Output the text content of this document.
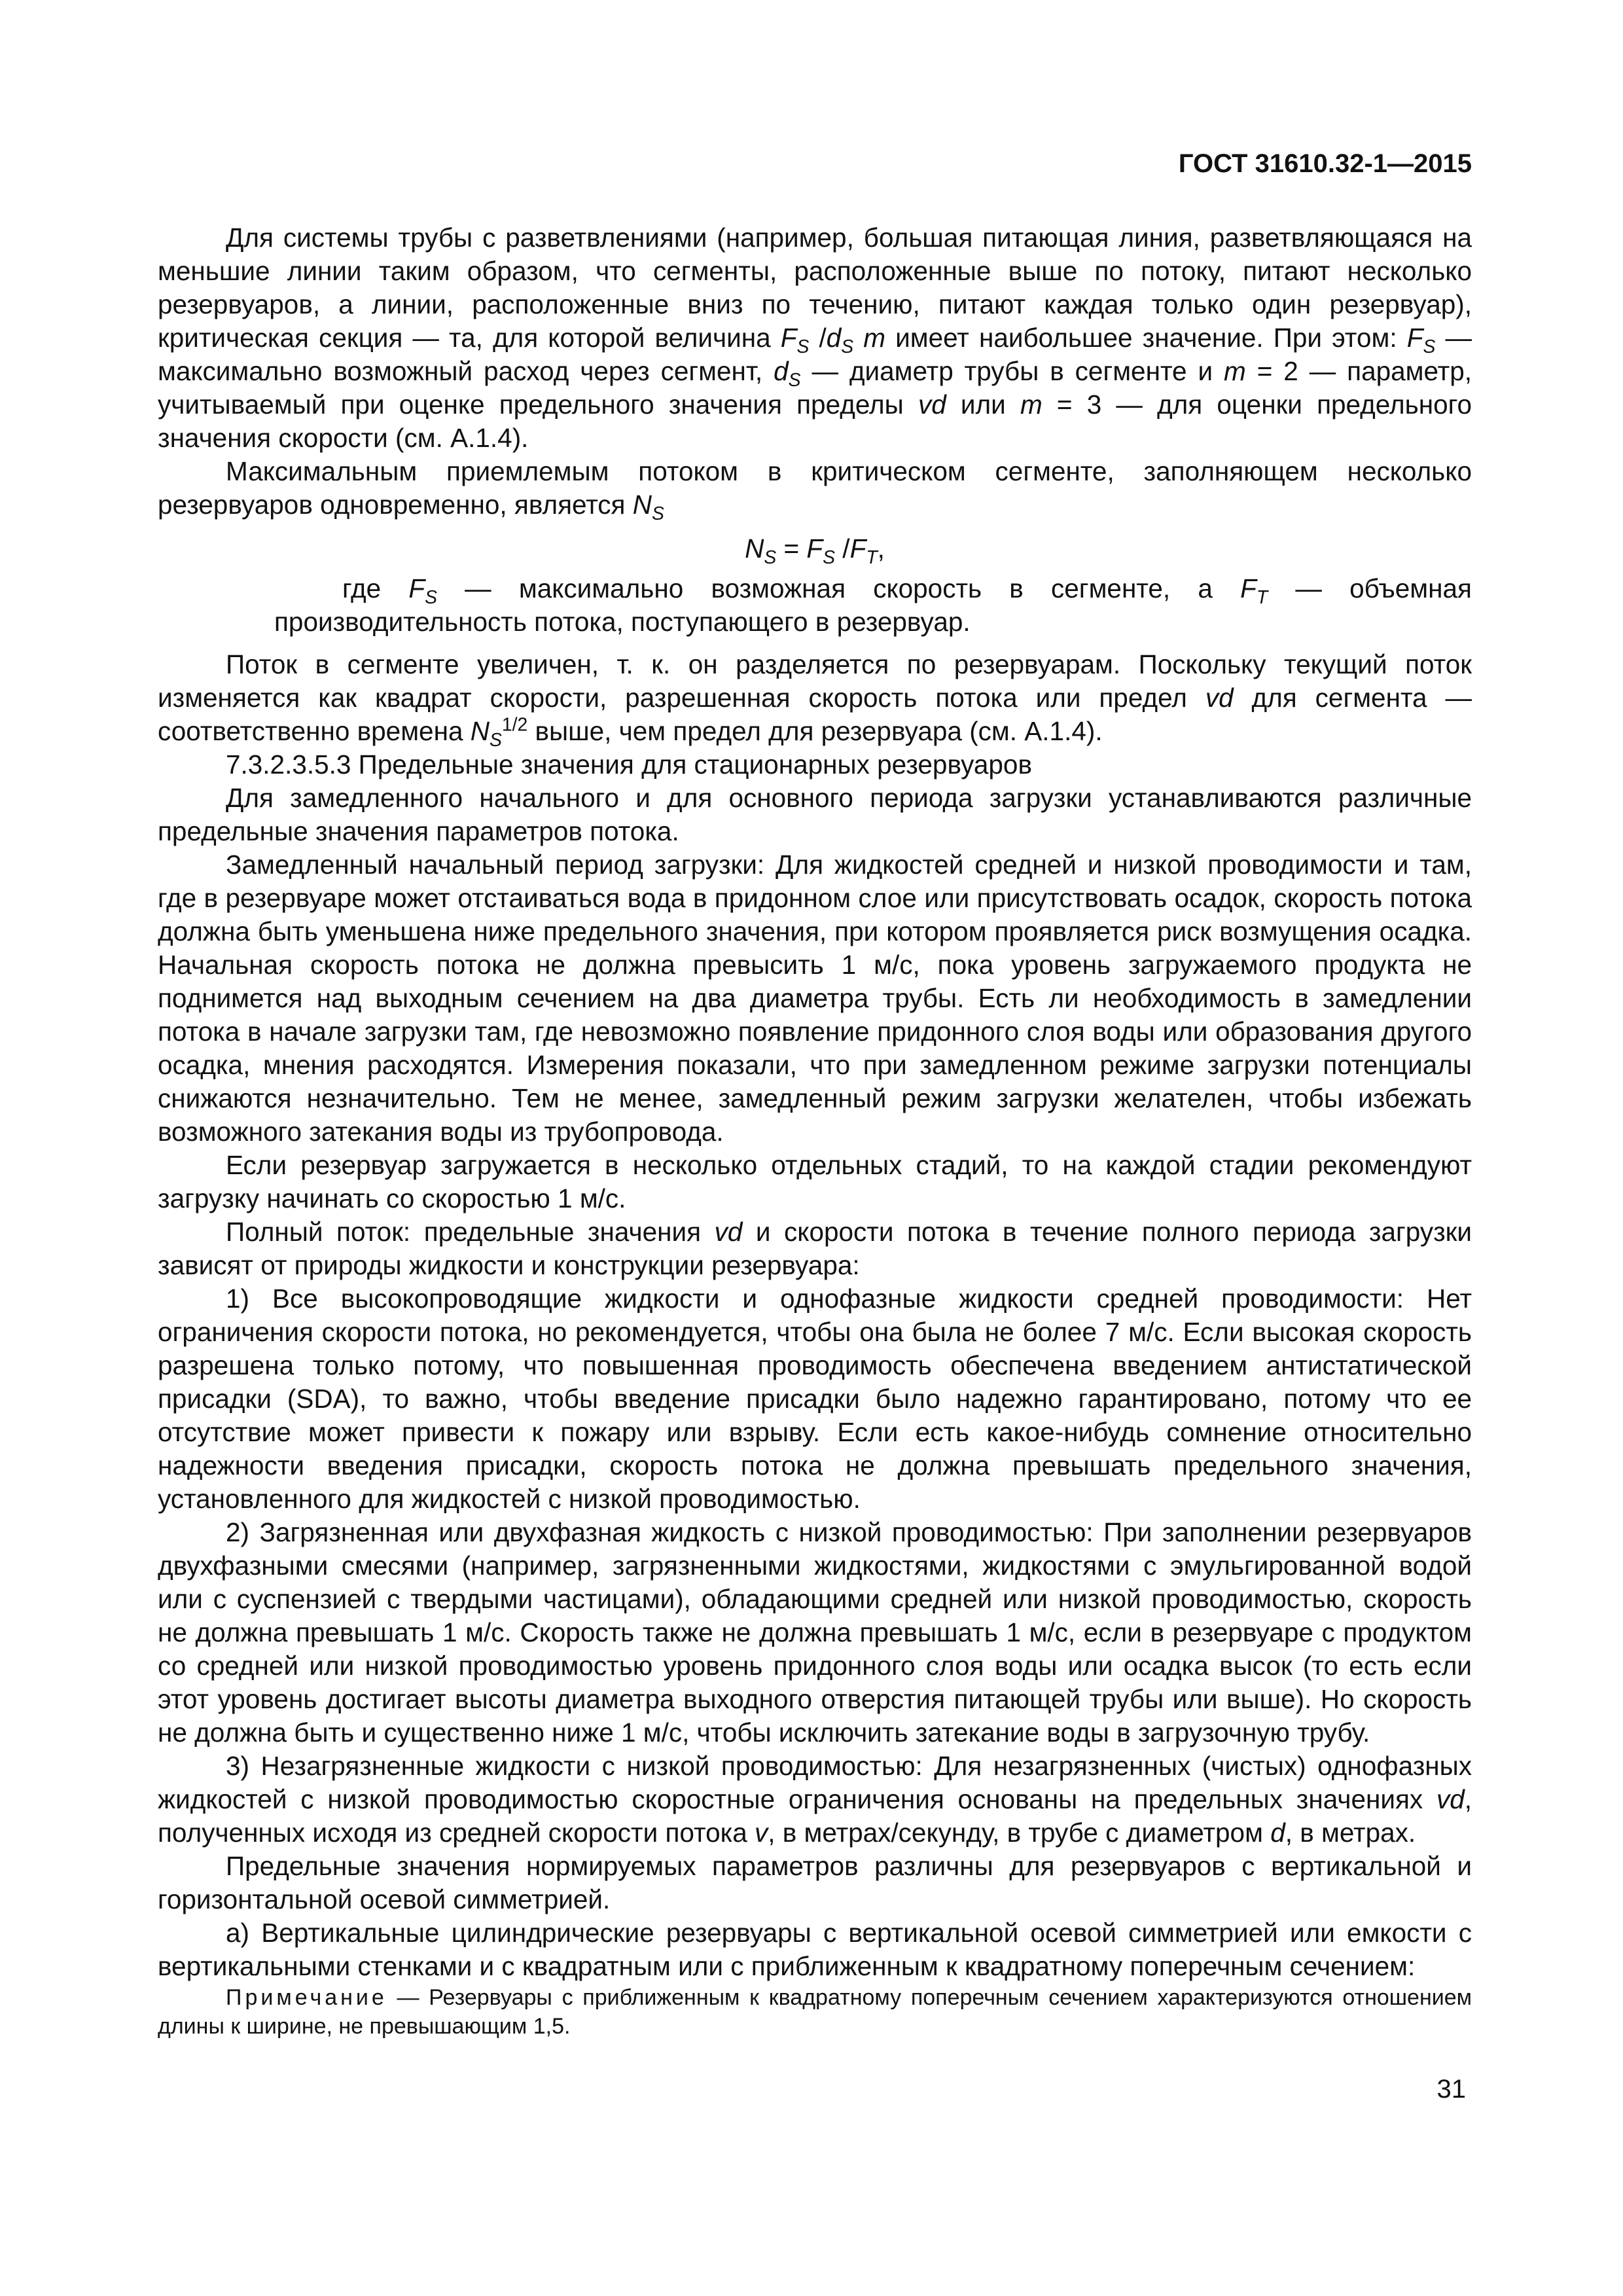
ГОСТ 31610.32-1—2015

Для системы трубы с разветвлениями (например, большая питающая линия, разветвляющаяся на меньшие линии таким образом, что сегменты, расположенные выше по потоку, питают несколько резервуаров, а линии, расположенные вниз по течению, питают каждая только один резервуар), критическая секция — та, для которой величина $F_S$ $/d_S$ m имеет наибольшее значение. При этом: $F_S$ — максимально возможный расход через сегмент, $d_S$ — диаметр трубы в сегменте и m = 2 — параметр, учитываемый при оценке предельного значения пределы vd или m = 3 — для оценки предельного значения скорости (см. А.1.4).

Максимальным приемлемым потоком в критическом сегменте, заполняющем несколько резервуаров одновременно, является $N_S$

$N_S = F_S$ $/F_T$,

где $F_S$ — максимально возможная скорость в сегменте, а $F_T$ — объемная производительность потока, поступающего в резервуар.

Поток в сегменте увеличен, т. к. он разделяется по резервуарам. Поскольку текущий поток изменяется как квадрат скорости, разрешенная скорость потока или предел vd для сегмента — соответственно времена $N_S^{1/2}$ выше, чем предел для резервуара (см. А.1.4).

7.3.2.3.5.3 Предельные значения для стационарных резервуаров

Для замедленного начального и для основного периода загрузки устанавливаются различные предельные значения параметров потока.

Замедленный начальный период загрузки: Для жидкостей средней и низкой проводимости и там, где в резервуаре может отстаиваться вода в придонном слое или присутствовать осадок, скорость потока должна быть уменьшена ниже предельного значения, при котором проявляется риск возмущения осадка. Начальная скорость потока не должна превысить 1 м/с, пока уровень загружаемого продукта не поднимется над выходным сечением на два диаметра трубы. Есть ли необходимость в замедлении потока в начале загрузки там, где невозможно появление придонного слоя воды или образования другого осадка, мнения расходятся. Измерения показали, что при замедленном режиме загрузки потенциалы снижаются незначительно. Тем не менее, замедленный режим загрузки желателен, чтобы избежать возможного затекания воды из трубопровода.

Если резервуар загружается в несколько отдельных стадий, то на каждой стадии рекомендуют загрузку начинать со скоростью 1 м/с.

Полный поток: предельные значения vd и скорости потока в течение полного периода загрузки зависят от природы жидкости и конструкции резервуара:

1) Все высокопроводящие жидкости и однофазные жидкости средней проводимости: Нет ограничения скорости потока, но рекомендуется, чтобы она была не более 7 м/с. Если высокая скорость разрешена только потому, что повышенная проводимость обеспечена введением антистатической присадки (SDA), то важно, чтобы введение присадки было надежно гарантировано, потому что ее отсутствие может привести к пожару или взрыву. Если есть какое-нибудь сомнение относительно надежности введения присадки, скорость потока не должна превышать предельного значения, установленного для жидкостей с низкой проводимостью.

2) Загрязненная или двухфазная жидкость с низкой проводимостью: При заполнении резервуаров двухфазными смесями (например, загрязненными жидкостями, жидкостями с эмульгированной водой или с суспензией с твердыми частицами), обладающими средней или низкой проводимостью, скорость не должна превышать 1 м/с. Скорость также не должна превышать 1 м/с, если в резервуаре с продуктом со средней или низкой проводимостью уровень придонного слоя воды или осадка высок (то есть если этот уровень достигает высоты диаметра выходного отверстия питающей трубы или выше). Но скорость не должна быть и существенно ниже 1 м/с, чтобы исключить затекание воды в загрузочную трубу.

3) Незагрязненные жидкости с низкой проводимостью: Для незагрязненных (чистых) однофазных жидкостей с низкой проводимостью скоростные ограничения основаны на предельных значениях vd, полученных исходя из средней скорости потока v, в метрах/секунду, в трубе с диаметром d, в метрах.

Предельные значения нормируемых параметров различны для резервуаров с вертикальной и горизонтальной осевой симметрией.

а) Вертикальные цилиндрические резервуары с вертикальной осевой симметрией или емкости с вертикальными стенками и с квадратным или с приближенным к квадратному поперечным сечением:

Примечание — Резервуары с приближенным к квадратному поперечным сечением характеризуются отношением длины к ширине, не превышающим 1,5.

31
